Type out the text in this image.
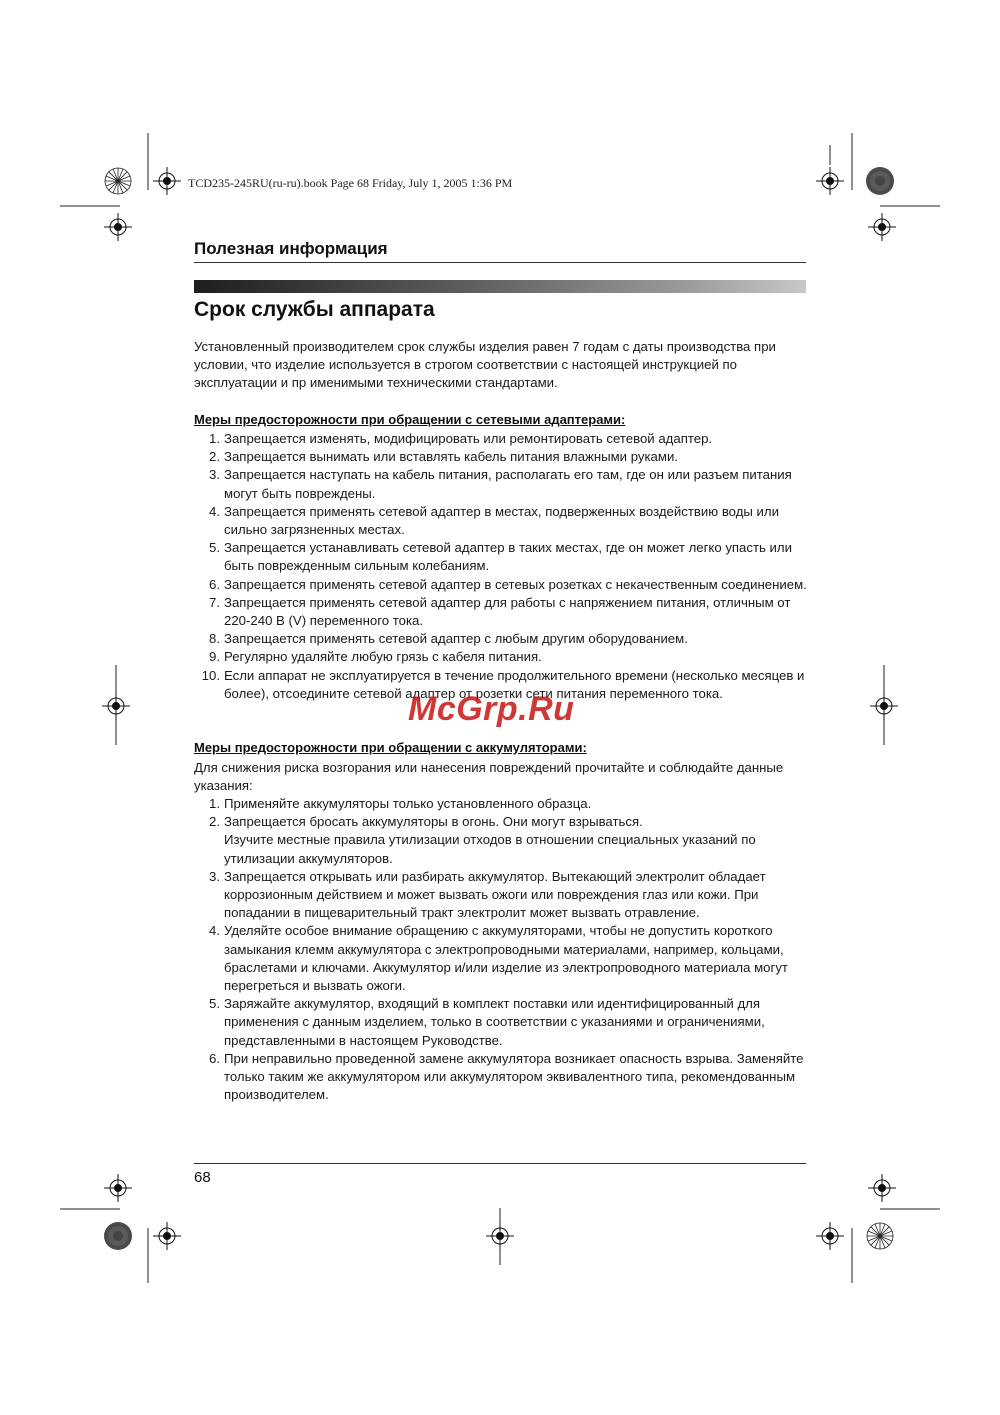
TCD235-245RU(ru-ru).book Page 68 Friday, July 1, 2005 1:36 PM
Полезная информация
Срок службы аппарата

Установленный производителем срок службы изделия равен 7 годам с даты производства при условии, что изделие используется в строгом соответствии с настоящей инструкцией по эксплуатации и пр именимыми техническими стандартами.

Меры предосторожности при обращении с сетевыми адаптерами:
1. Запрещается изменять, модифицировать или ремонтировать сетевой адаптер.
2. Запрещается вынимать или вставлять кабель питания влажными руками.
3. Запрещается наступать на кабель питания, располагать его там, где он или разъем питания могут быть повреждены.
4. Запрещается применять сетевой адаптер в местах, подверженных воздействию воды или сильно загрязненных местах.
5. Запрещается устанавливать сетевой адаптер в таких местах, где он может легко упасть или быть поврежденным сильным колебаниям.
6. Запрещается применять сетевой адаптер в сетевых розетках с некачественным соединением.
7. Запрещается применять сетевой адаптер для работы с напряжением питания, отличным от 220-240 В (V) переменного тока.
8. Запрещается применять сетевой адаптер с любым другим оборудованием.
9. Регулярно удаляйте любую грязь с кабеля питания.
10. Если аппарат не эксплуатируется в течение продолжительного времени (несколько месяцев и более), отсоедините сетевой адаптер от розетки сети питания переменного тока.
McGrp.Ru
Меры предосторожности при обращении с аккумуляторами:

Для снижения риска возгорания или нанесения повреждений прочитайте и соблюдайте данные указания:

1. Применяйте аккумуляторы только установленного образца.
2. Запрещается бросать аккумуляторы в огонь. Они могут взрываться.
Изучите местные правила утилизации отходов в отношении специальных указаний по утилизации аккумуляторов.
3. Запрещается открывать или разбирать аккумулятор. Вытекающий электролит обладает коррозионным действием и может вызвать ожоги или повреждения глаз или кожи. При попадании в пищеварительный тракт электролит может вызвать отравление.
4. Уделяйте особое внимание обращению с аккумуляторами, чтобы не допустить короткого замыкания клемм аккумулятора с электропроводными материалами, например, кольцами, браслетами и ключами. Аккумулятор и/или изделие из электропроводного материала могут перегреться и вызвать ожоги.
5. Заряжайте аккумулятор, входящий в комплект поставки или идентифицированный для применения с данным изделием, только в соответствии с указаниями и ограничениями, представленными в настоящем Руководстве.
6. При неправильно проведенной замене аккумулятора возникает опасность взрыва. Заменяйте только таким же аккумулятором или аккумулятором эквивалентного типа, рекомендованным производителем.
68
